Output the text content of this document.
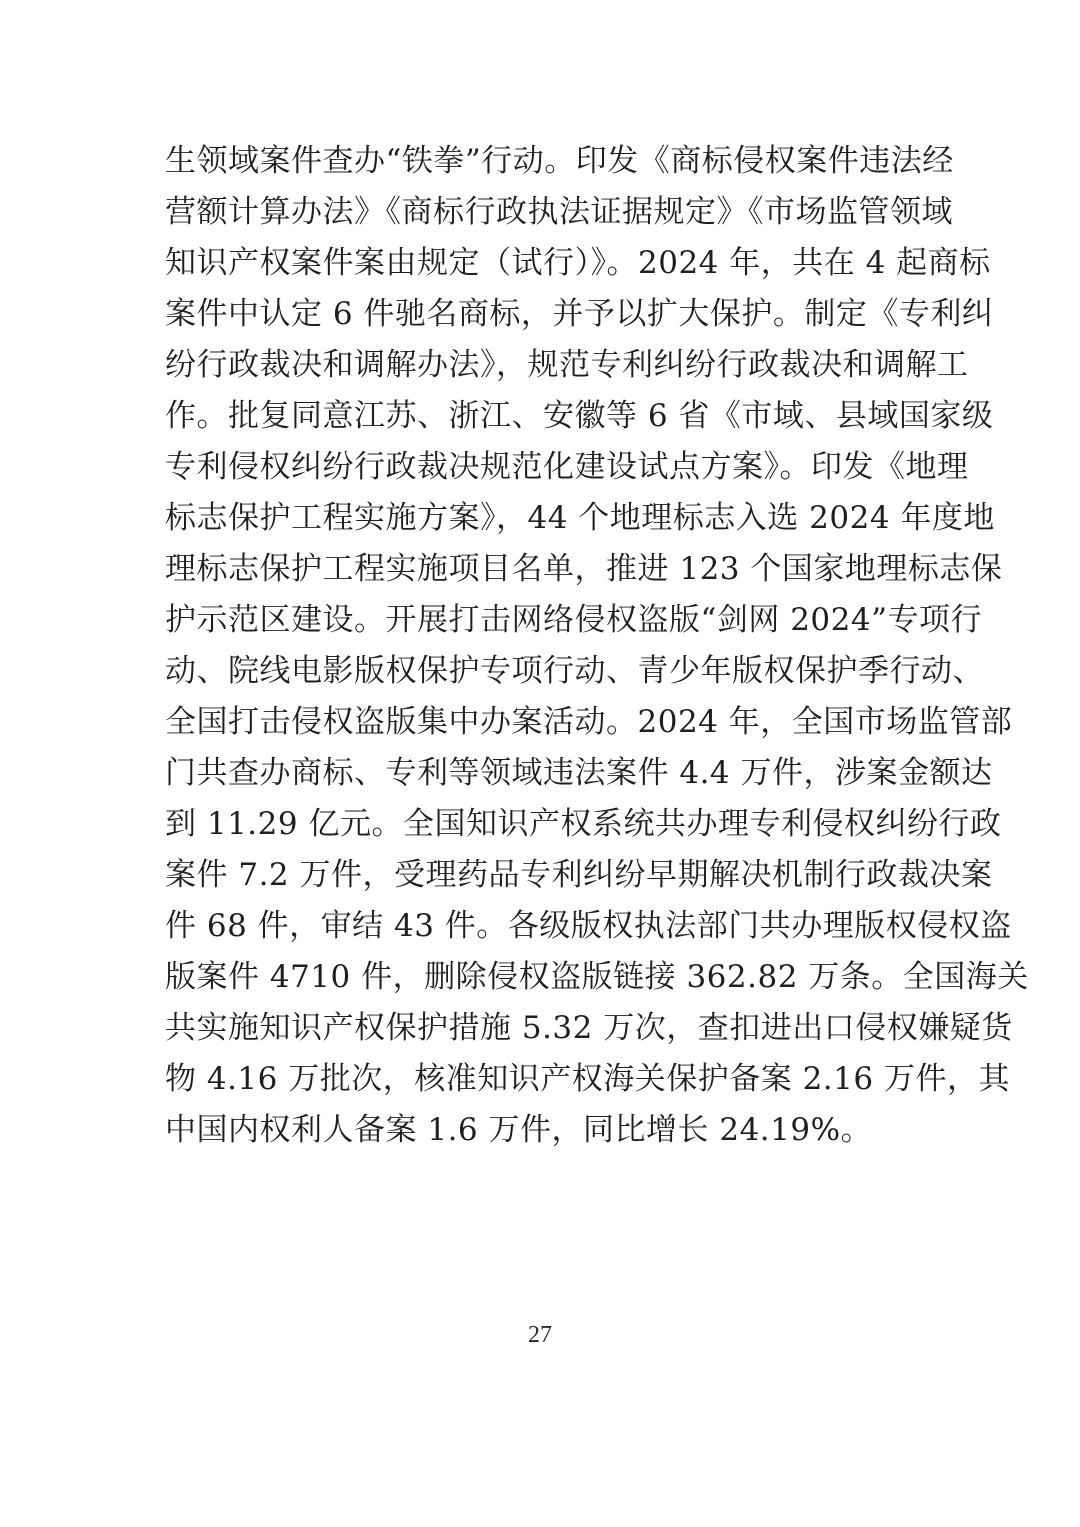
生领域案件查办“铁拳”行动。印发《商标侵权案件违法经
营额计算办法》《商标行政执法证据规定》《市场监管领域
知识产权案件案由规定（试行）》。2024 年，共在 4 起商标
案件中认定 6 件驰名商标，并予以扩大保护。制定《专利纠
纷行政裁决和调解办法》，规范专利纠纷行政裁决和调解工
作。批复同意江苏、浙江、安徽等 6 省《市域、县域国家级
专利侵权纠纷行政裁决规范化建设试点方案》。印发《地理
标志保护工程实施方案》，44 个地理标志入选 2024 年度地
理标志保护工程实施项目名单，推进 123 个国家地理标志保
护示范区建设。开展打击网络侵权盗版“剑网 2024”专项行
动、院线电影版权保护专项行动、青少年版权保护季行动、
全国打击侵权盗版集中办案活动。2024 年，全国市场监管部
门共查办商标、专利等领域违法案件 4.4 万件，涉案金额达
到 11.29 亿元。全国知识产权系统共办理专利侵权纠纷行政
案件 7.2 万件，受理药品专利纠纷早期解决机制行政裁决案
件 68 件，审结 43 件。各级版权执法部门共办理版权侵权盗
版案件 4710 件，删除侵权盗版链接 362.82 万条。全国海关
共实施知识产权保护措施 5.32 万次，查扣进出口侵权嫌疑货
物 4.16 万批次，核准知识产权海关保护备案 2.16 万件，其
中国内权利人备案 1.6 万件，同比增长 24.19%。
27
